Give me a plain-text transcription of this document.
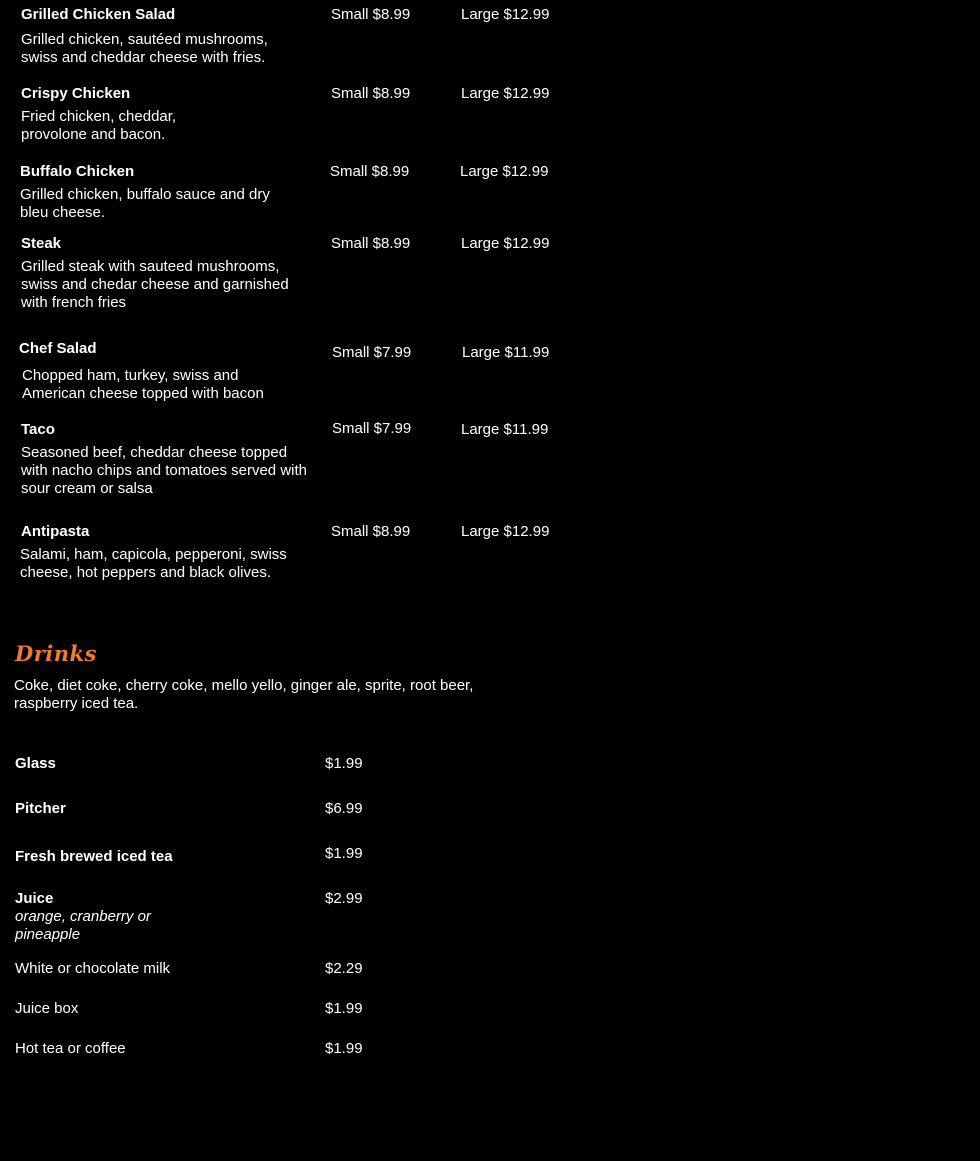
Grilled Chicken Salad
Grilled chicken, sautéed mushrooms, swiss and cheddar cheese with fries.
Small $8.99	Large $12.99
Crispy Chicken
Fried chicken, cheddar, provolone and bacon.
Small $8.99	Large $12.99
Buffalo Chicken
Grilled chicken, buffalo sauce and dry bleu cheese.
Small $8.99	Large $12.99
Steak
Grilled steak with sauteed mushrooms, swiss and chedar cheese and garnished with french fries
Small $8.99	Large $12.99
Chef Salad
Chopped ham, turkey, swiss and American cheese topped with bacon
Small $7.99	Large $11.99
Taco
Seasoned beef, cheddar cheese topped with nacho chips and tomatoes served with sour cream or salsa
Small $7.99	Large $11.99
Antipasta
Salami, ham, capicola, pepperoni, swiss cheese, hot peppers and black olives.
Small $8.99	Large $12.99
Drinks
Coke, diet coke, cherry coke, mello yello, ginger ale, sprite, root beer, raspberry iced tea.
Glass	$1.99
Pitcher	$6.99
Fresh brewed iced tea	$1.99
Juice
orange, cranberry or pineapple
$2.99
White or chocolate milk	$2.29
Juice box	$1.99
Hot tea or coffee	$1.99
